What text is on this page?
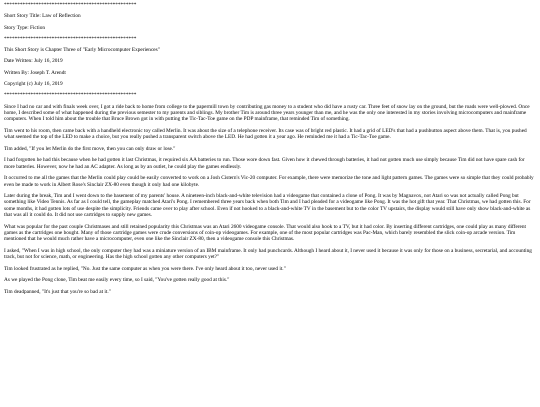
**************************************************

Short Story Title: Law of Reflection

Story Type: Fiction

**************************************************

This Short Story is Chapter Three of "Early Microcomputer Experiences"

Date Written: July 16, 2019

Written By: Joseph T. Arendt

Copyright (c) July 16, 2019

**************************************************

Since I had no car and with finals week over, I got a ride back to home from college to the papermill town by contributing gas money to a student who did have a rusty car. Three feet of snow lay on the ground, but the roads were well-plowed. Once home, I described some of what happened during the previous semester to my parents and siblings. My brother Tim is around three years younger than me, and he was the only one interested in my stories involving microcomputers and mainframe computers. When I told him about the trouble that Bruce Brown got in with putting the Tic-Tac-Toe game on the PDP mainframe, that reminded Tim of something.

Tim went to his room, then came back with a handheld electronic toy called Merlin. It was about the size of a telephone receiver. Its case was of bright red plastic. It had a grid of LED's that had a pushbutton aspect above them. That is, you pushed what seemed the top of the LED to make a choice, but you really pushed a transparent switch above the LED. He had gotten it a year ago. He reminded me it had a Tic-Tac-Toe game.

Tim added, "If you let Merlin do the first move, then you can only draw or lose."

I had forgotten he had this because when he had gotten it last Christmas, it required six AA batteries to run. Those wore down fast. Given how it chewed through batteries, it had not gotten much use simply because Tim did not have spare cash for more batteries. However, now he had an AC adapter. As long as by an outlet, he could play the games endlessly.

It occurred to me all the games that the Merlin could play could be easily converted to work on a Josh Cistern's Vic-20 computer. For example, there were memorize the tone and light pattern games. The games were so simple that they could probably even be made to work in Albert Rose's Sinclair ZX-80 even though it only had one kilobyte.

Later during the break, Tim and I went down to the basement of my parents' house. A nineteen-inch black-and-white television had a videogame that contained a clone of Pong. It was by Magnavox, not Atari so was not actually called Pong but something like Video Tennis. As far as I could tell, the gameplay matched Atari's Pong. I remembered three years back when both Tim and I had pleaded for a videogame like Pong. It was the hot gift that year. That Christmas, we had gotten this. For some months, it had gotten lots of use despite the simplicity. Friends came over to play after school. Even if not hooked to a black-and-white TV in the basement but to the color TV upstairs, the display would still have only show black-and-white as that was all it could do. It did not use cartridges to supply new games.

What was popular for the past couple Christmases and still retained popularity this Christmas was an Atari 2600 videogame console. That would also hook to a TV, but it had color. By inserting different cartridges, one could play as many different games as the cartridges one bought. Many of those cartridge games were crude conversions of coin-op videogames. For example, one of the most popular cartridges was Pac-Man, which barely resembled the slick coin-op arcade version. Tim mentioned that he would much rather have a microcomputer, even one like the Sinclair ZX-80, then a videogame console this Christmas.

I asked, "When I was in high school, the only computer they had was a miniature version of an IBM mainframe. It only had punchcards. Although I heard about it, I never used it because it was only for those on a business, secretarial, and accounting track, but not for science, math, or engineering. Has the high school gotten any other computers yet?"

Tim looked frustrated as he replied, "No. Just the same computer as when you were there. I've only heard about it too, never used it."

As we played the Pong clone, Tim beat me easily every time, so I said, "You've gotten really good at this."

Tim deadpanned, "It's just that you're so bad at it."
